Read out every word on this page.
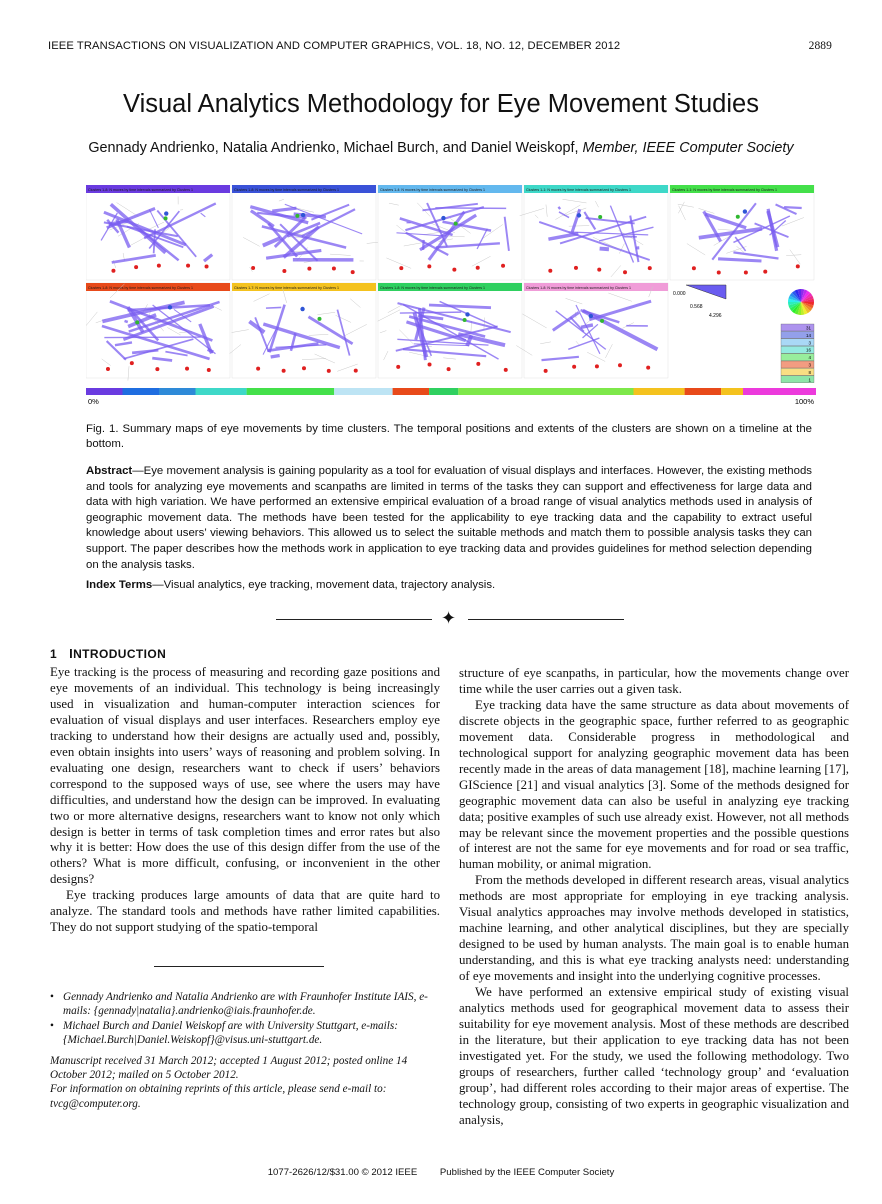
IEEE TRANSACTIONS ON VISUALIZATION AND COMPUTER GRAPHICS, VOL. 18, NO. 12, DECEMBER 2012	2889
Visual Analytics Methodology for Eye Movement Studies
Gennady Andrienko, Natalia Andrienko, Michael Burch, and Daniel Weiskopf, Member, IEEE Computer Society
Clusters 1-8: N moves by time intervals summarized by Clusters 1	Clusters 1-8: N moves by time intervals summarized by Clusters 1	Clusters 1-4: N moves by time intervals summarized by Clusters 1	Clusters 1-1: N moves by time intervals summarized by Clusters 1	Clusters 1-1: N moves by time intervals summarized by Clusters 1
Clusters 1-8: N moves by time intervals summarized by Clusters 1	Clusters 1-7: N moves by time intervals summarized by Clusters 1	Clusters 1-8: N moves by time intervals summarized by Clusters 1	Clusters 1-8: N moves by time intervals summarized by Clusters 1
0.000
0.568
4.296
31
14
3
16
4
3
8
1
0%	100%
Fig. 1. Summary maps of eye movements by time clusters. The temporal positions and extents of the clusters are shown on a timeline at the bottom.
Abstract—Eye movement analysis is gaining popularity as a tool for evaluation of visual displays and interfaces. However, the existing methods and tools for analyzing eye movements and scanpaths are limited in terms of the tasks they can support and effectiveness for large data and data with high variation. We have performed an extensive empirical evaluation of a broad range of visual analytics methods used in analysis of geographic movement data. The methods have been tested for the applicability to eye tracking data and the capability to extract useful knowledge about users’ viewing behaviors. This allowed us to select the suitable methods and match them to possible analysis tasks they can support. The paper describes how the methods work in application to eye tracking data and provides guidelines for method selection depending on the analysis tasks.
Index Terms—Visual analytics, eye tracking, movement data, trajectory analysis.
✦
1 INTRODUCTION

Eye tracking is the process of measuring and recording gaze positions and eye movements of an individual. This technology is being increasingly used in visualization and human-computer interaction sciences for evaluation of visual displays and user interfaces. Researchers employ eye tracking to understand how their designs are actually used and, possibly, even obtain insights into users’ ways of reasoning and problem solving. In evaluating one design, researchers want to check if users’ behaviors correspond to the supposed ways of use, see where the users may have difficulties, and understand how the design can be improved. In evaluating two or more alternative designs, researchers want to know not only which design is better in terms of task completion times and error rates but also why it is better: How does the use of this design differ from the use of the others? What is more difficult, confusing, or inconvenient in the other designs?

Eye tracking produces large amounts of data that are quite hard to analyze. The standard tools and methods have rather limited capabilities. They do not support studying of the spatio-temporal

• Gennady Andrienko and Natalia Andrienko are with Fraunhofer Institute IAIS, e-mails: {gennady|natalia}.andrienko@iais.fraunhofer.de.
• Michael Burch and Daniel Weiskopf are with University Stuttgart, e-mails: {Michael.Burch|Daniel.Weiskopf}@visus.uni-stuttgart.de.
Manuscript received 31 March 2012; accepted 1 August 2012; posted online 14 October 2012; mailed on 5 October 2012.
For information on obtaining reprints of this article, please send e-mail to: tvcg@computer.org.

structure of eye scanpaths, in particular, how the movements change over time while the user carries out a given task.

Eye tracking data have the same structure as data about movements of discrete objects in the geographic space, further referred to as geographic movement data. Considerable progress in methodological and technological support for analyzing geographic movement data has been recently made in the areas of data management [18], machine learning [17], GIScience [21] and visual analytics [3]. Some of the methods designed for geographic movement data can also be useful in analyzing eye tracking data; positive examples of such use already exist. However, not all methods may be relevant since the movement properties and the possible questions of interest are not the same for eye movements and for road or sea traffic, human mobility, or animal migration.

From the methods developed in different research areas, visual analytics methods are most appropriate for employing in eye tracking analysis. Visual analytics approaches may involve methods developed in statistics, machine learning, and other analytical disciplines, but they are specially designed to be used by human analysts. The main goal is to enable human understanding, and this is what eye tracking analysts need: understanding of eye movements and insight into the underlying cognitive processes.

We have performed an extensive empirical study of existing visual analytics methods used for geographical movement data to assess their suitability for eye movement analysis. Most of these methods are described in the literature, but their application to eye tracking data has not been investigated yet. For the study, we used the following methodology. Two groups of researchers, further called ‘technology group’ and ‘evaluation group’, had different roles according to their major areas of expertise. The technology group, consisting of two experts in geographic visualization and analysis,

1077-2626/12/$31.00 © 2012 IEEE Published by the IEEE Computer Society
